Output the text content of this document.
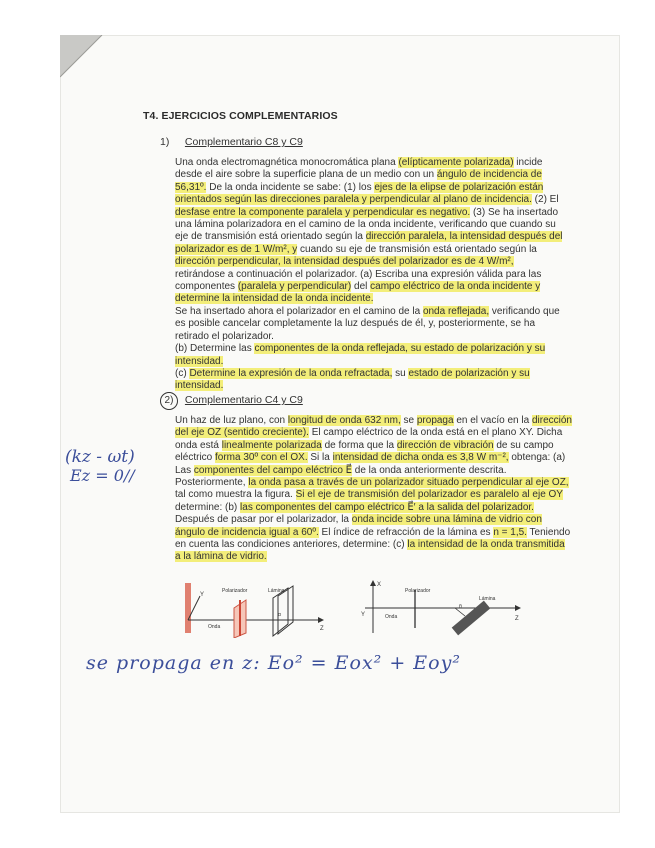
T4. EJERCICIOS COMPLEMENTARIOS
1) Complementario C8 y C9
Una onda electromagnética monocromática plana (elípticamente polarizada) incide
desde el aire sobre la superficie plana de un medio con un ángulo de incidencia de
56,31º. De la onda incidente se sabe: (1) los ejes de la elipse de polarización están
orientados según las direcciones paralela y perpendicular al plano de incidencia. (2) El
desfase entre la componente paralela y perpendicular es negativo. (3) Se ha insertado
una lámina polarizadora en el camino de la onda incidente, verificando que cuando su
eje de transmisión está orientado según la dirección paralela, la intensidad después del
polarizador es de 1 W/m², y cuando su eje de transmisión está orientado según la
dirección perpendicular, la intensidad después del polarizador es de 4 W/m²,
retirándose a continuación el polarizador. (a) Escriba una expresión válida para las
componentes (paralela y perpendicular) del campo eléctrico de la onda incidente y
determine la intensidad de la onda incidente.
Se ha insertado ahora el polarizador en el camino de la onda reflejada, verificando que
es posible cancelar completamente la luz después de él, y, posteriormente, se ha
retirado el polarizador.
(b) Determine las componentes de la onda reflejada, su estado de polarización y su
intensidad.
(c) Determine la expresión de la onda refractada, su estado de polarización y su
intensidad.
2) Complementario C4 y C9
Un haz de luz plano, con longitud de onda 632 nm, se propaga en el vacío en la dirección
del eje OZ (sentido creciente). El campo eléctrico de la onda está en el plano XY. Dicha
onda está linealmente polarizada de forma que la dirección de vibración de su campo
eléctrico forma 30º con el OX. Si la intensidad de dicha onda es 3,8 W m⁻², obtenga: (a)
Las componentes del campo eléctrico E⃗ de la onda anteriormente descrita.
Posteriormente, la onda pasa a través de un polarizador situado perpendicular al eje OZ,
tal como muestra la figura. Si el eje de transmisión del polarizador es paralelo al eje OY
determine: (b) las componentes del campo eléctrico E⃗′ a la salida del polarizador.
Después de pasar por el polarizador, la onda incide sobre una lámina de vidrio con
ángulo de incidencia igual a 60º. El índice de refracción de la lámina es n = 1,5. Teniendo
en cuenta las condiciones anteriores, determine: (c) la intensidad de la onda transmitida
a la lámina de vidrio.
(kz - ωt)
Ez = 0//
Y
Z
Polarizador
Onda
Lámina
α
X
Y
Z
Polarizador
Onda
Lámina
θ
se propaga en z: Eo² = Eox² + Eoy²
